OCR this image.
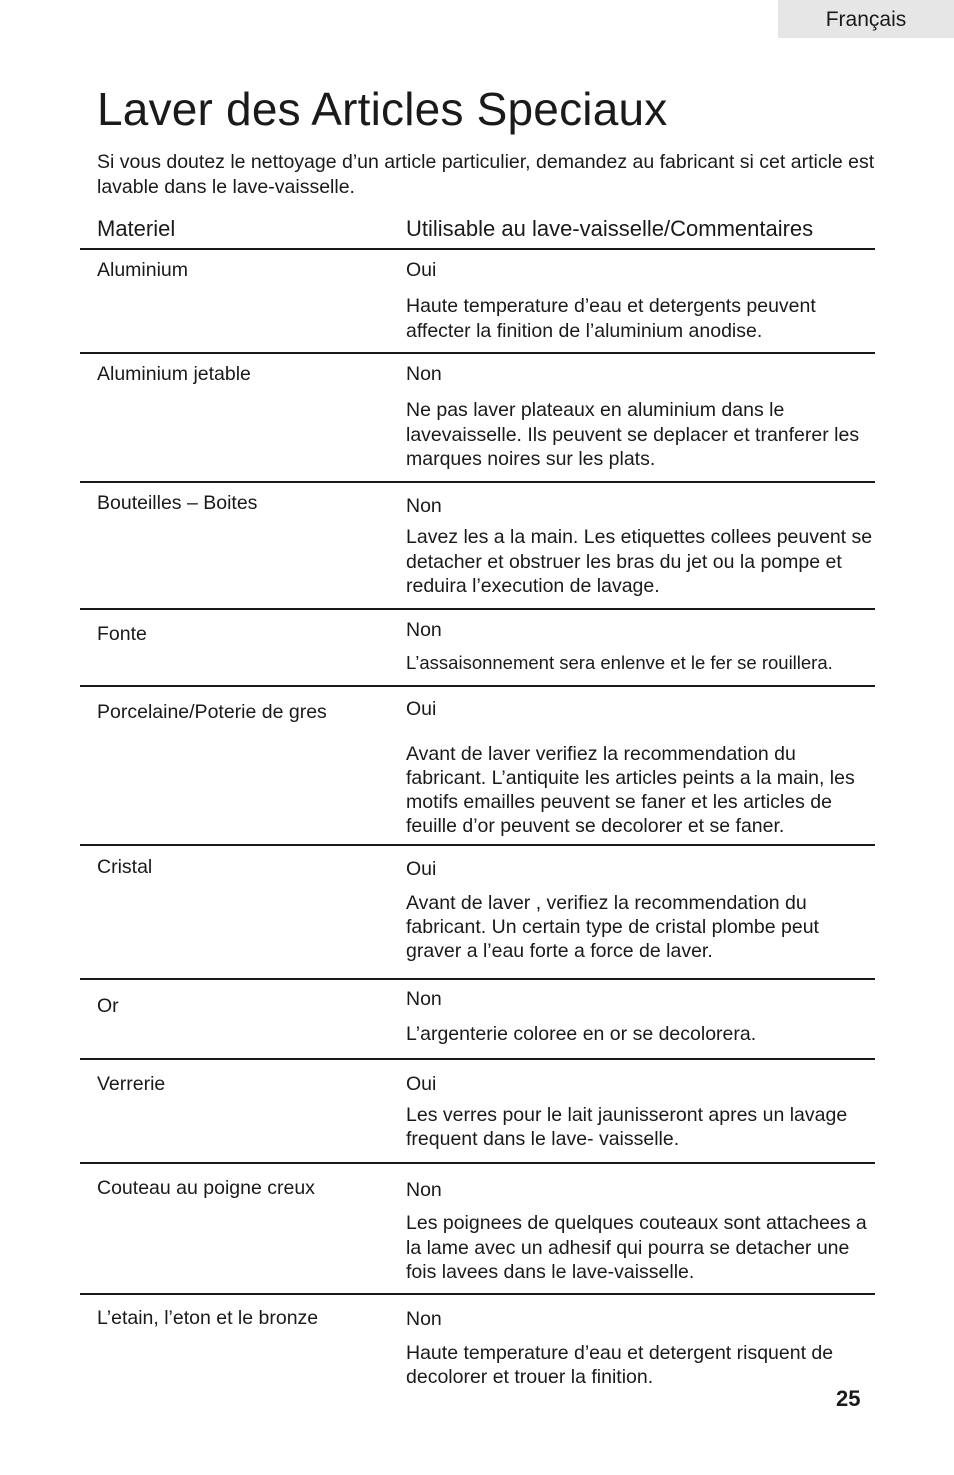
Français
Laver des Articles Speciaux

Si vous doutez le nettoyage d’un article particulier, demandez au fabricant si cet article est lavable dans le lave-vaisselle.

Materiel	Utilisable au lave-vaisselle/Commentaires
Aluminium	Oui
Haute temperature d’eau et detergents peuvent affecter la finition de l’aluminium anodise.
Aluminium jetable	Non
Ne pas laver plateaux en aluminium dans le lavevaisselle. Ils peuvent se deplacer et tranferer les marques noires sur les plats.
Bouteilles – Boites	Non
Lavez les a la main. Les etiquettes collees peuvent se detacher et obstruer les bras du jet ou la pompe et reduira l’execution de lavage.
Fonte	Non
L’assaisonnement sera enlenve et le fer se rouillera.
Porcelaine/Poterie de gres	Oui
Avant de laver verifiez la recommendation du fabricant. L’antiquite les articles peints a la main, les motifs emailles peuvent se faner et les articles de feuille d’or peuvent se decolorer et se faner.
Cristal	Oui
Avant de laver , verifiez la recommendation du fabricant. Un certain type de cristal plombe peut graver a l’eau forte a force de laver.
Or	Non
L’argenterie coloree en or se decolorera.
Verrerie	Oui
Les verres pour le lait jaunisseront apres un lavage frequent dans le lave- vaisselle.
Couteau au poigne creux	Non
Les poignees de quelques couteaux sont attachees a la lame avec un adhesif qui pourra se detacher une fois lavees dans le lave-vaisselle.
L’etain, l’eton et le bronze	Non
Haute temperature d’eau et detergent risquent de decolorer et trouer la finition.
25
